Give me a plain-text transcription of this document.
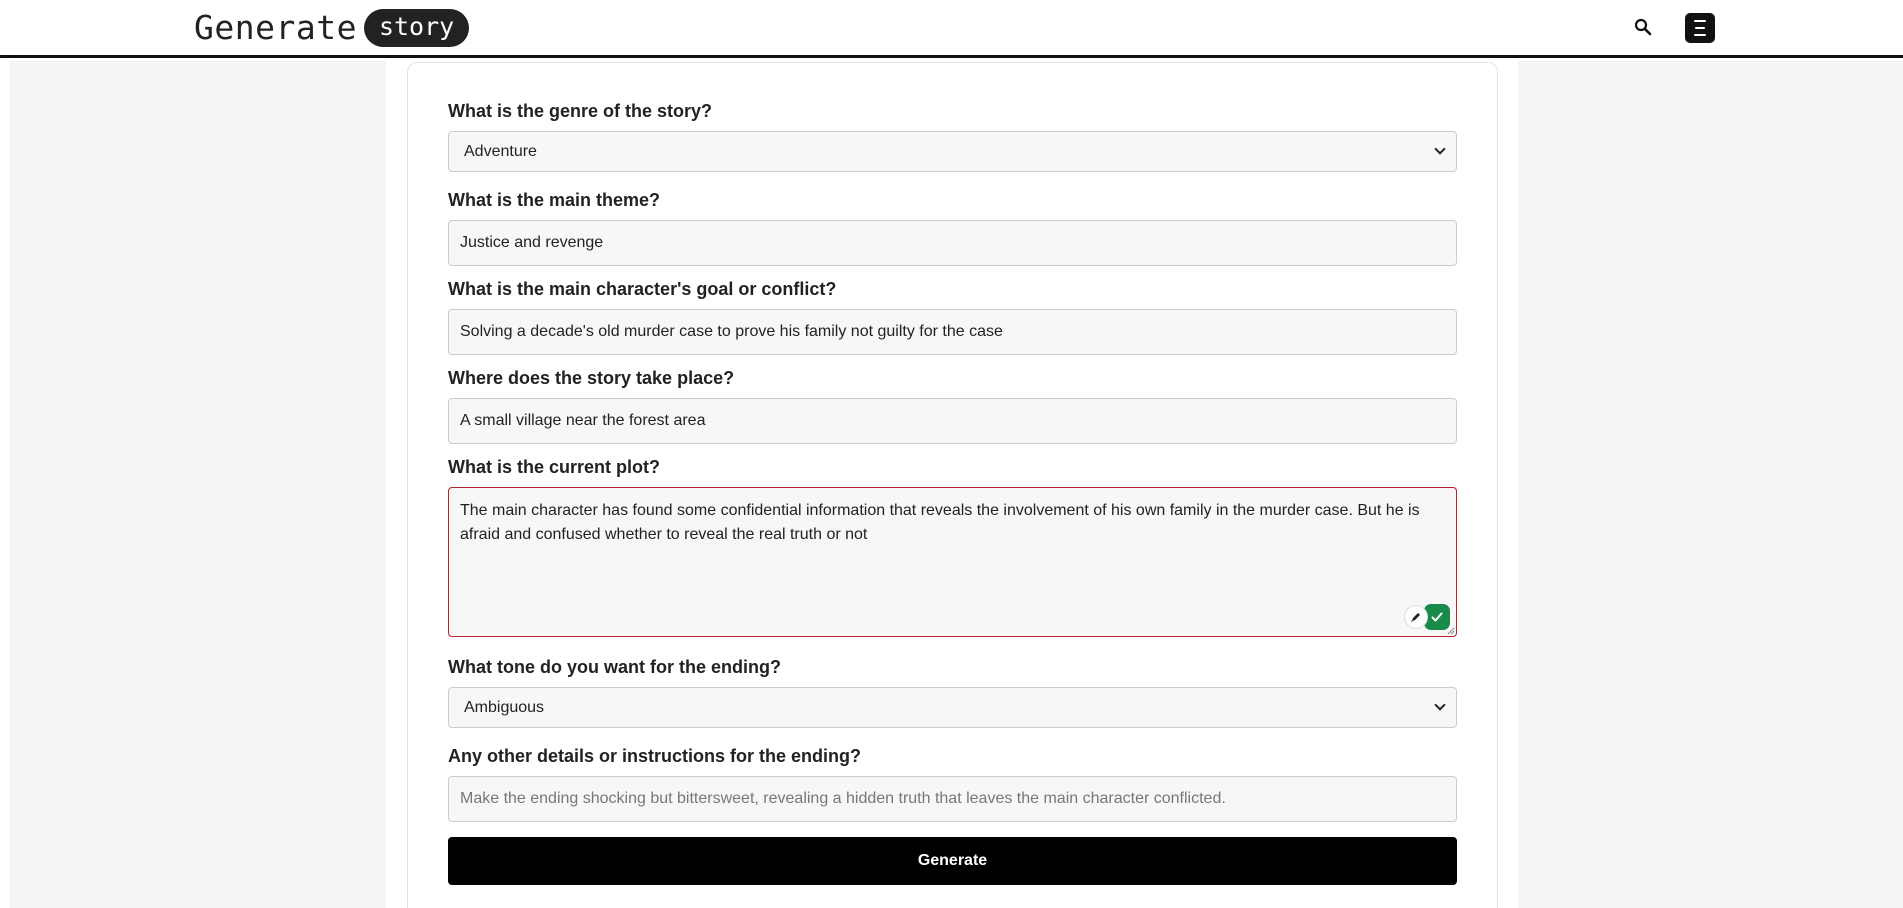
Generate story
What is the genre of the story?
Adventure
What is the main theme?
Justice and revenge
What is the main character's goal or conflict?
Solving a decade's old murder case to prove his family not guilty for the case
Where does the story take place?
A small village near the forest area
What is the current plot?
The main character has found some confidential information that reveals the involvement of his own family in the murder case. But he is afraid and confused whether to reveal the real truth or not
What tone do you want for the ending?
Ambiguous
Any other details or instructions for the ending?
Make the ending shocking but bittersweet, revealing a hidden truth that leaves the main character conflicted.
Generate
